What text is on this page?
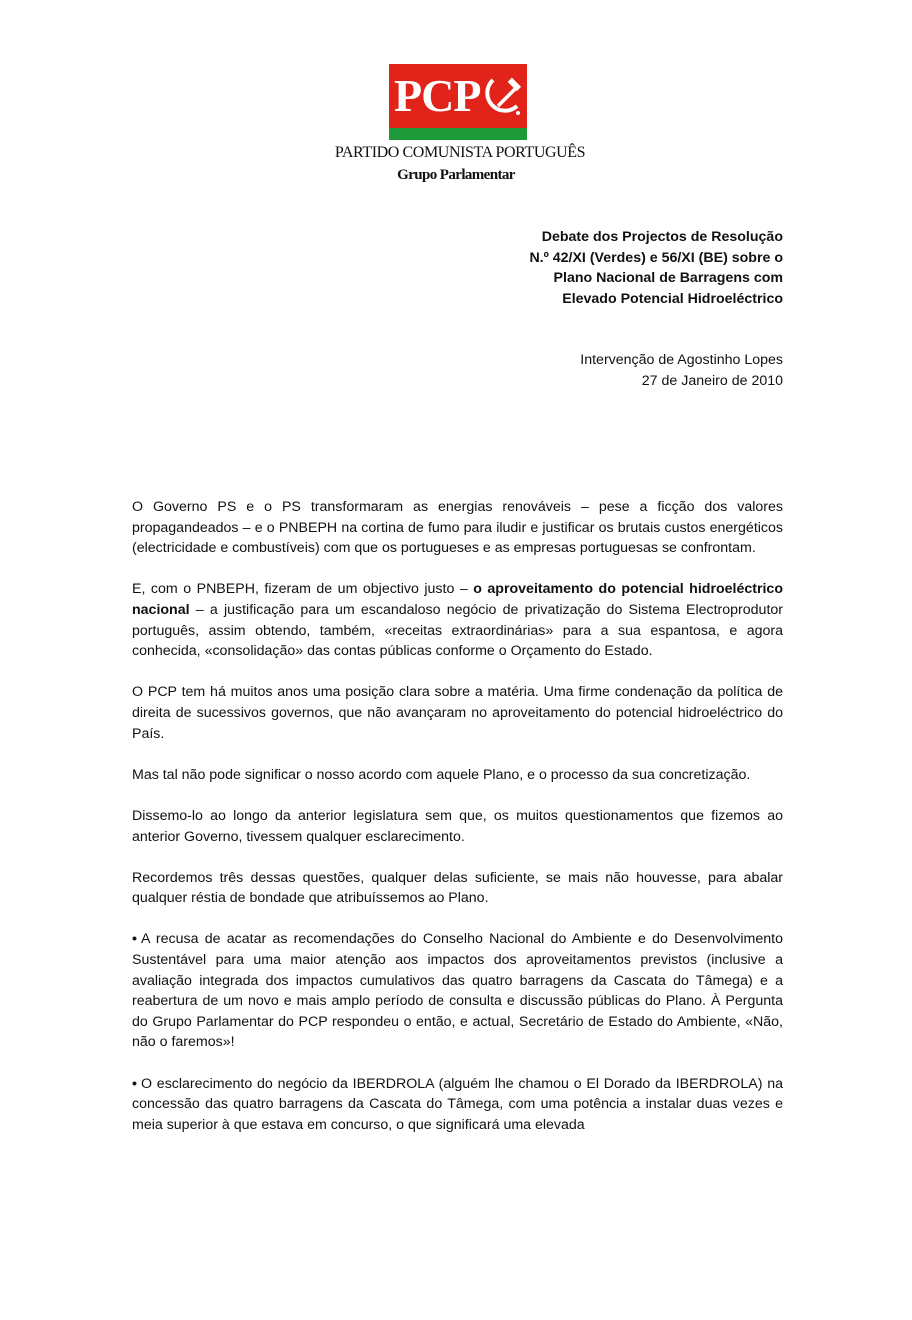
PCP
PARTIDO COMUNISTA PORTUGUÊS
Grupo Parlamentar
Debate dos Projectos de Resolução
N.º 42/XI (Verdes) e 56/XI (BE) sobre o
Plano Nacional de Barragens com
Elevado Potencial Hidroeléctrico
Intervenção de Agostinho Lopes
27 de Janeiro de 2010

O Governo PS e o PS transformaram as energias renováveis – pese a ficção dos valores propagandeados – e o PNBEPH na cortina de fumo para iludir e justificar os brutais custos energéticos (electricidade e combustíveis) com que os portugueses e as empresas portuguesas se confrontam.

E, com o PNBEPH, fizeram de um objectivo justo – o aproveitamento do potencial hidroeléctrico nacional – a justificação para um escandaloso negócio de privatização do Sistema Electroprodutor português, assim obtendo, também, «receitas extraordinárias» para a sua espantosa, e agora conhecida, «consolidação» das contas públicas conforme o Orçamento do Estado.

O PCP tem há muitos anos uma posição clara sobre a matéria. Uma firme condenação da política de direita de sucessivos governos, que não avançaram no aproveitamento do potencial hidroeléctrico do País.

Mas tal não pode significar o nosso acordo com aquele Plano, e o processo da sua concretização.

Dissemo-lo ao longo da anterior legislatura sem que, os muitos questionamentos que fizemos ao anterior Governo, tivessem qualquer esclarecimento.

Recordemos três dessas questões, qualquer delas suficiente, se mais não houvesse, para abalar qualquer réstia de bondade que atribuíssemos ao Plano.

• A recusa de acatar as recomendações do Conselho Nacional do Ambiente e do Desenvolvimento Sustentável para uma maior atenção aos impactos dos aproveitamentos previstos (inclusive a avaliação integrada dos impactos cumulativos das quatro barragens da Cascata do Tâmega) e a reabertura de um novo e mais amplo período de consulta e discussão públicas do Plano. À Pergunta do Grupo Parlamentar do PCP respondeu o então, e actual, Secretário de Estado do Ambiente, «Não, não o faremos»!

• O esclarecimento do negócio da IBERDROLA (alguém lhe chamou o El Dorado da IBERDROLA) na concessão das quatro barragens da Cascata do Tâmega, com uma potência a instalar duas vezes e meia superior à que estava em concurso, o que significará uma elevada
